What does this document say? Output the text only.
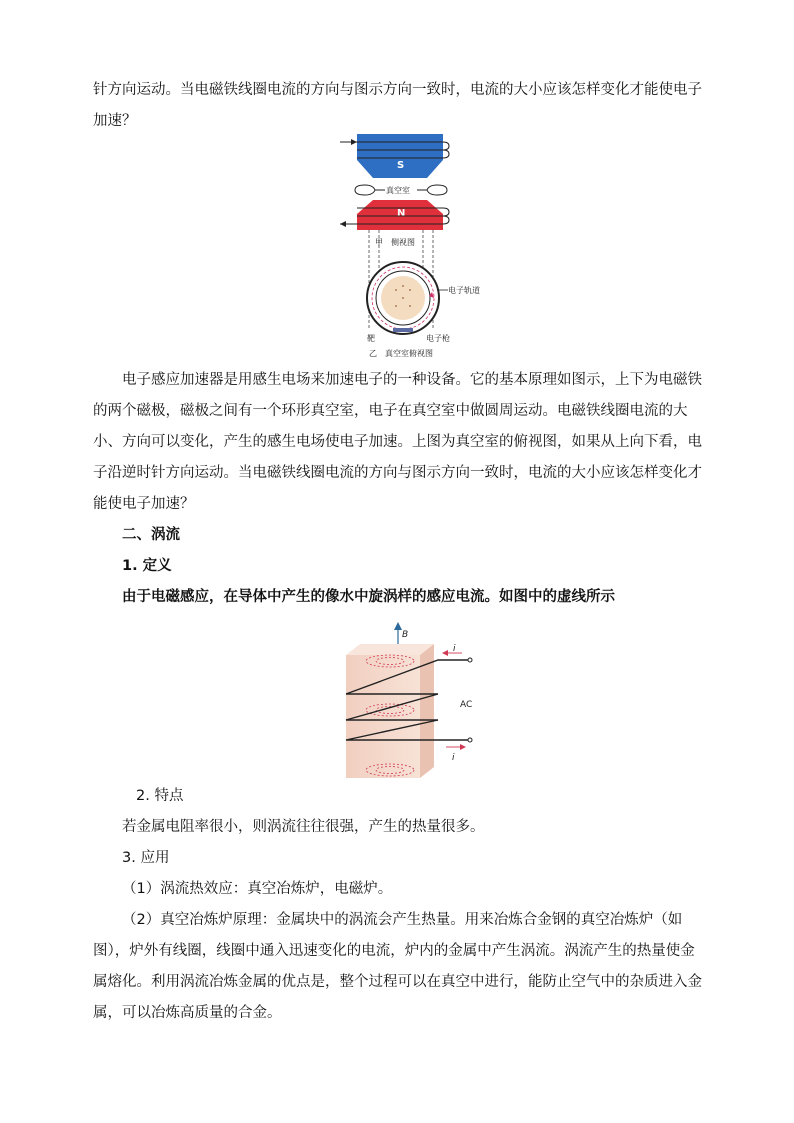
针方向运动。当电磁铁线圈电流的方向与图示方向一致时，电流的大小应该怎样变化才能使电子加速？

S
真空室
N
甲　侧视图
电子轨道
靶	电子枪
乙　真空室俯视图

电子感应加速器是用感生电场来加速电子的一种设备。它的基本原理如图示，上下为电磁铁的两个磁极，磁极之间有一个环形真空室，电子在真空室中做圆周运动。电磁铁线圈电流的大小、方向可以变化，产生的感生电场使电子加速。上图为真空室的俯视图，如果从上向下看，电子沿逆时针方向运动。当电磁铁线圈电流的方向与图示方向一致时，电流的大小应该怎样变化才能使电子加速？

二、涡流
1. 定义
由于电磁感应，在导体中产生的像水中旋涡样的感应电流。如图中的虚线所示
B
i
AC
i
2. 特点
若金属电阻率很小，则涡流往往很强，产生的热量很多。
3. 应用
（1）涡流热效应：真空冶炼炉，电磁炉。

（2）真空冶炼炉原理：金属块中的涡流会产生热量。用来冶炼合金钢的真空冶炼炉（如图），炉外有线圈，线圈中通入迅速变化的电流，炉内的金属中产生涡流。涡流产生的热量使金属熔化。利用涡流冶炼金属的优点是，整个过程可以在真空中进行，能防止空气中的杂质进入金属，可以冶炼高质量的合金。
